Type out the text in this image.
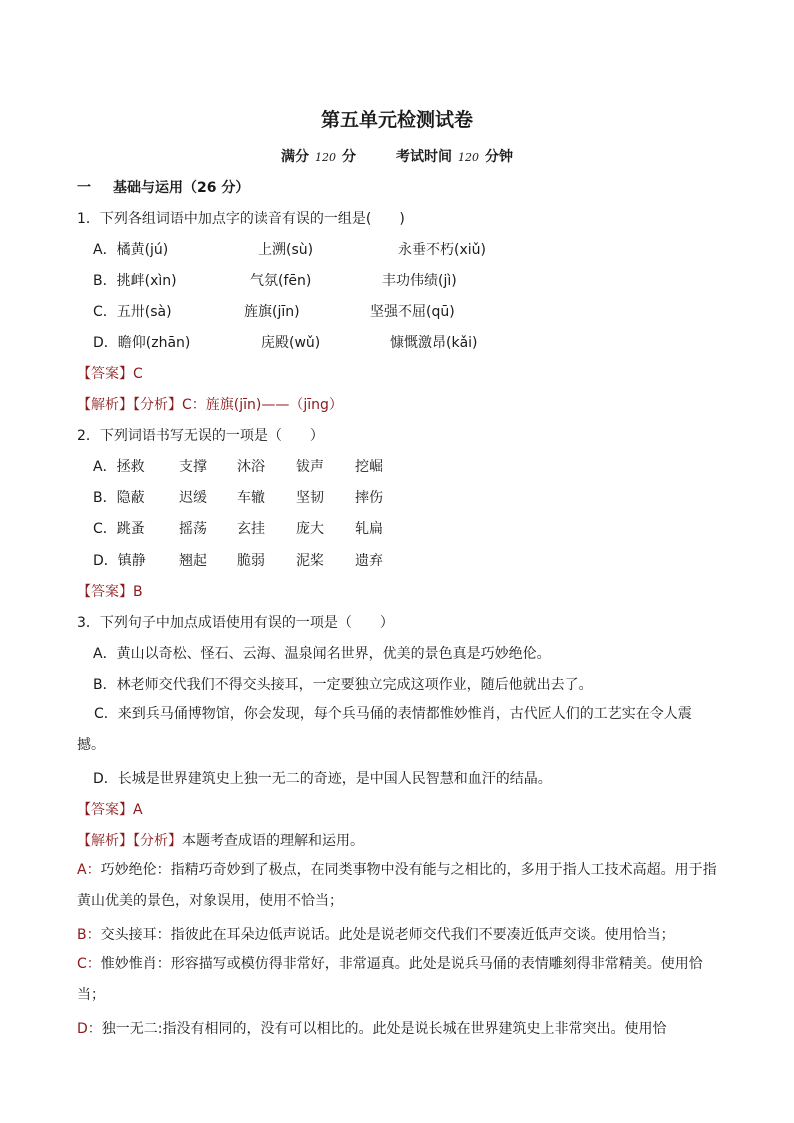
第五单元检测试卷
满分 120 分	考试时间 120 分钟
一 基础与运用（26 分）
1．下列各组词语中加点字的读音有误的一组是(　　)
A．橘黄(jú)	上溯(sù)	永垂不朽(xiǔ)
B．挑衅(xìn)	气氛(fēn)	丰功伟绩(jì)
C．五卅(sà)	旌旗(jīn)	坚强不屈(qū)
D．瞻仰(zhān)	庑殿(wǔ)	慷慨激昂(kǎi)
【答案】C
【解析】【分析】C：旌旗(jīn)——（jīng）
2．下列词语书写无误的一项是（　　）
A．拯救 支撑 沐浴 钹声 挖崛
B．隐蔽 迟缓 车辙 坚韧 摔伤
C．跳蚤 摇荡 玄挂 庞大 轧扁
D．镇静 翘起 脆弱 泥桨 遗弃
【答案】B
3．下列句子中加点成语使用有误的一项是（　　）
A．黄山以奇松、怪石、云海、温泉闻名世界，优美的景色真是巧妙绝伦。
B．林老师交代我们不得交头接耳，一定要独立完成这项作业，随后他就出去了。
C．来到兵马俑博物馆，你会发现，每个兵马俑的表情都惟妙惟肖，古代匠人们的工艺实在令人震撼。
D．长城是世界建筑史上独一无二的奇迹，是中国人民智慧和血汗的结晶。
【答案】A
【解析】【分析】本题考查成语的理解和运用。
A：巧妙绝伦：指精巧奇妙到了极点，在同类事物中没有能与之相比的，多用于指人工技术高超。用于指黄山优美的景色，对象误用，使用不恰当；
B：交头接耳：指彼此在耳朵边低声说话。此处是说老师交代我们不要凑近低声交谈。使用恰当；
C：惟妙惟肖：形容描写或模仿得非常好，非常逼真。此处是说兵马俑的表情雕刻得非常精美。使用恰当；
D：独一无二:指没有相同的，没有可以相比的。此处是说长城在世界建筑史上非常突出。使用恰
